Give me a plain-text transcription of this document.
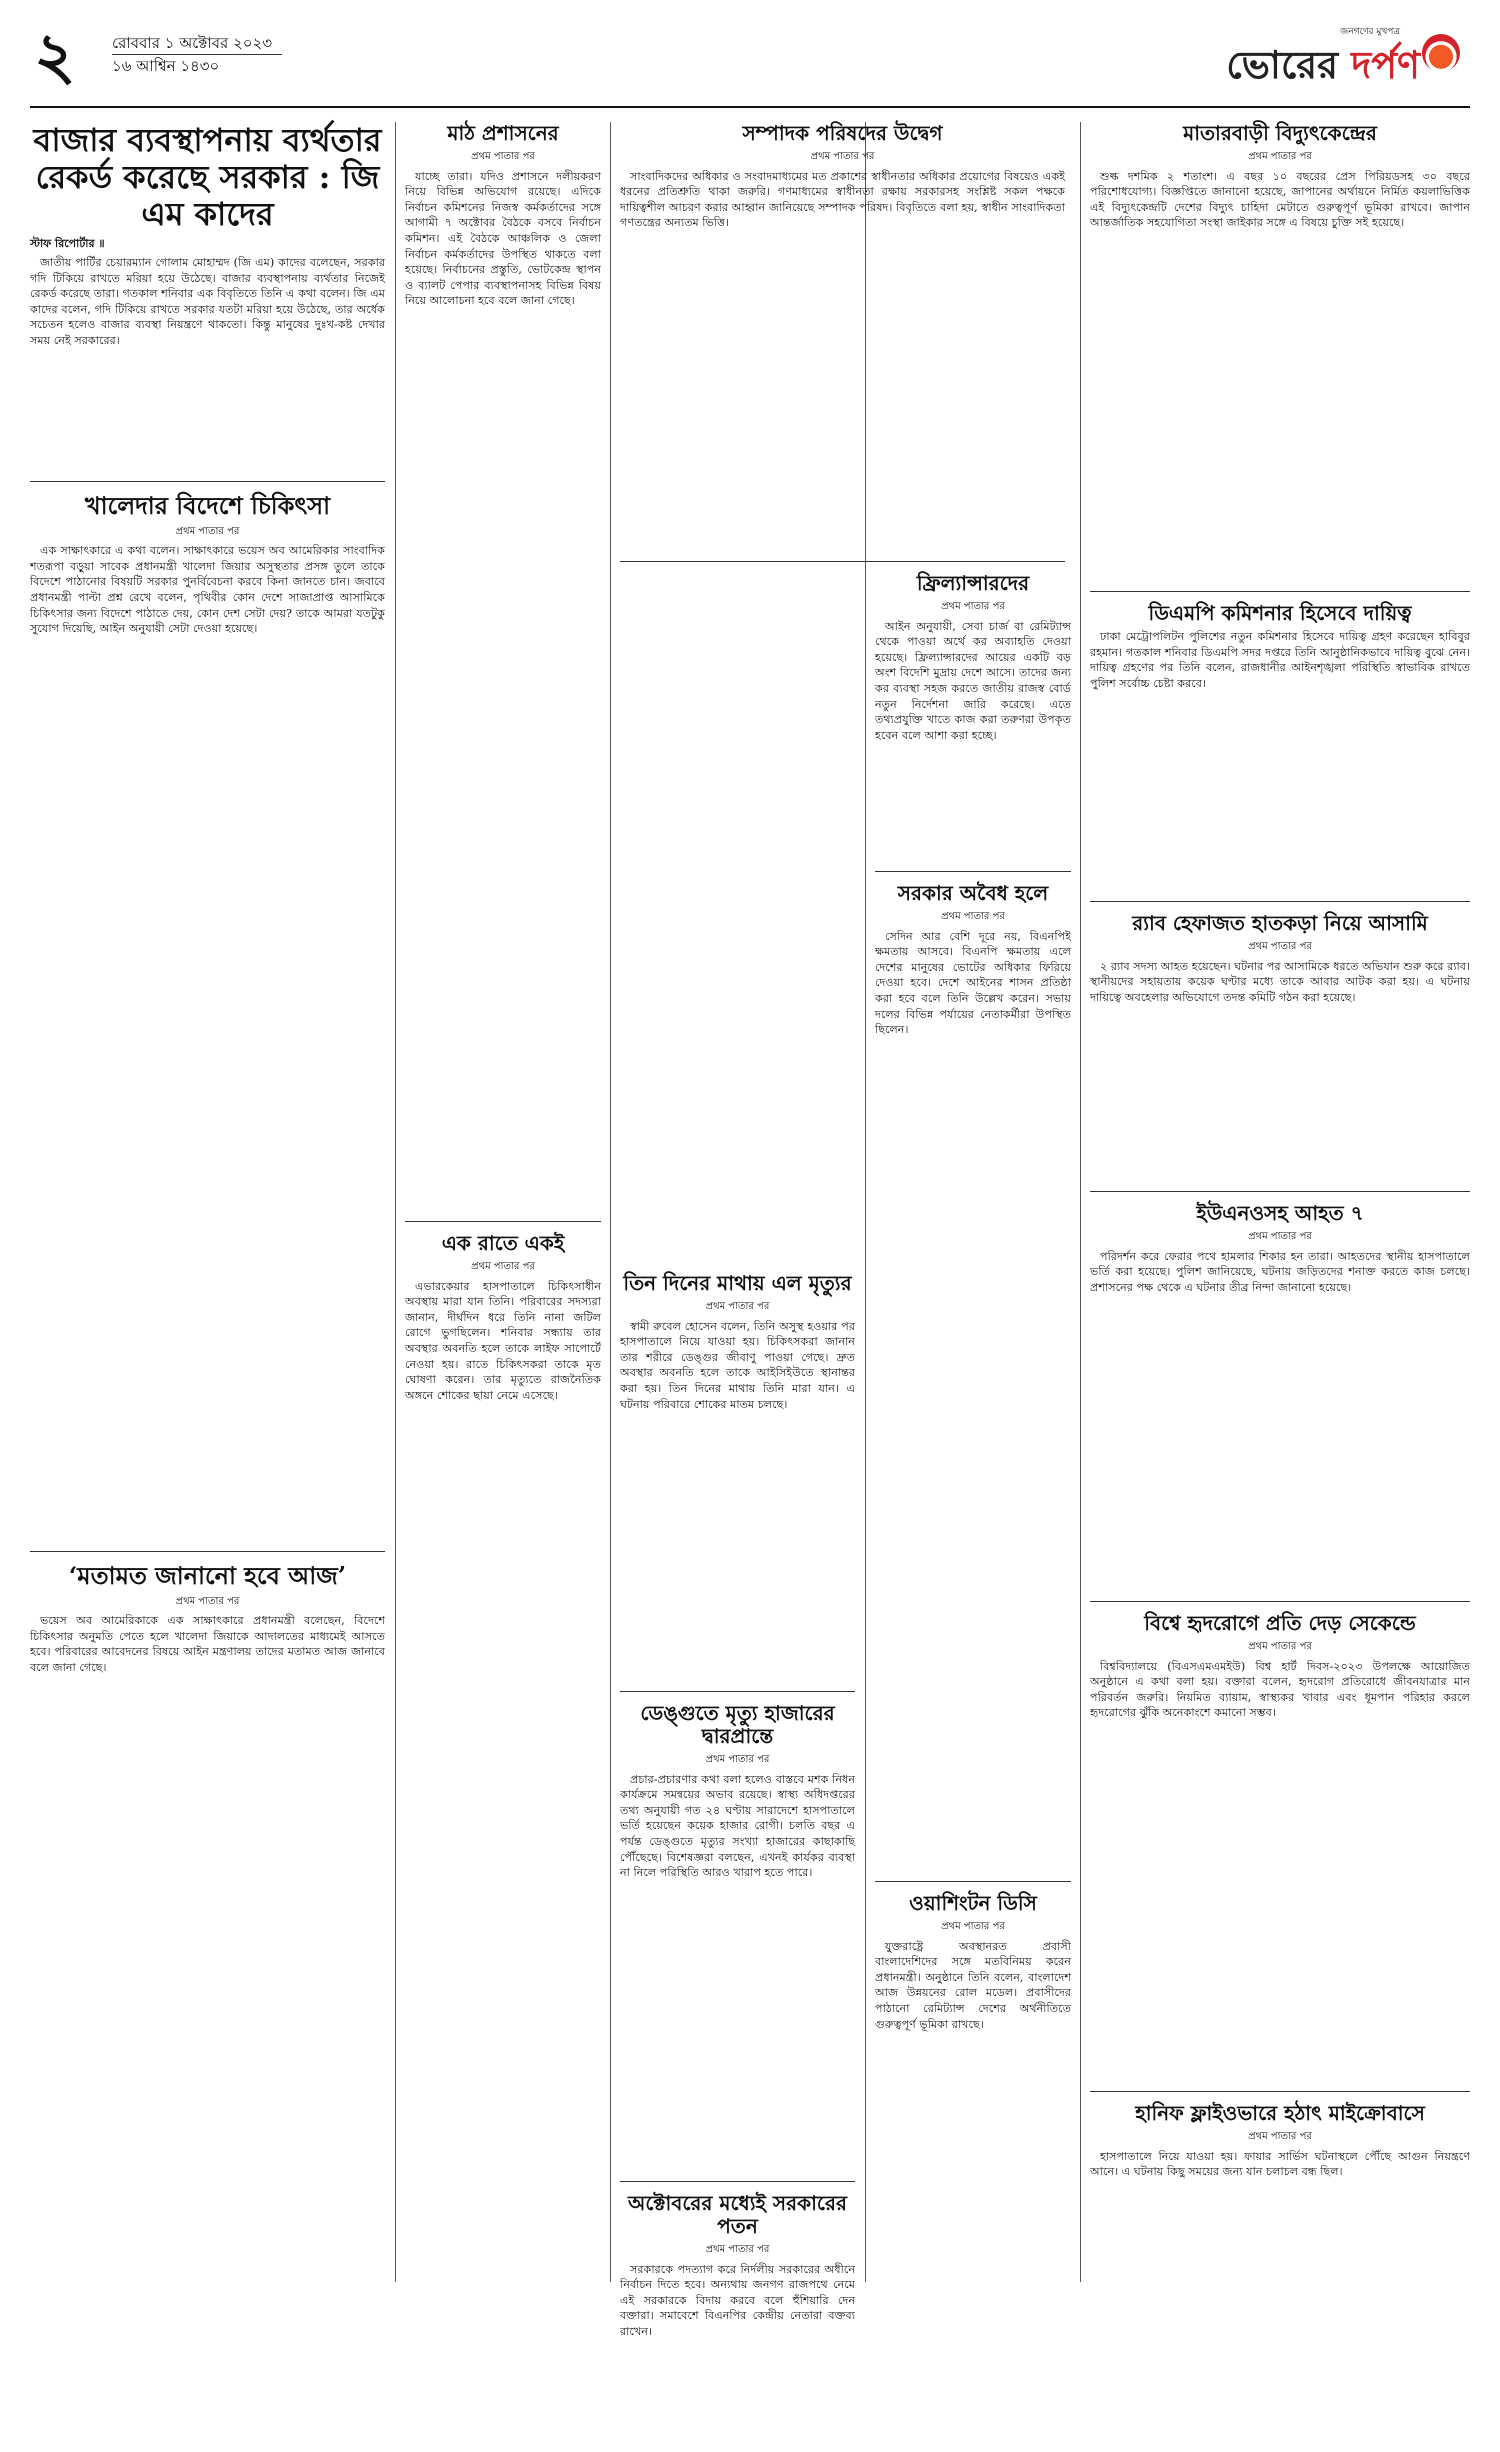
২ রোববার ১ অক্টোবর ২০২৩
১৬ আশ্বিন ১৪৩০
জনগণের মুখপত্র
ভোরের দর্পণ
বাজার ব্যবস্থাপনায় ব্যর্থতার রেকর্ড করেছে সরকার : জি এম কাদের
স্টাফ রিপোর্টার ॥

জাতীয় পার্টির চেয়ারম্যান গোলাম মোহাম্মদ (জি এম) কাদের বলেছেন, সরকার গদি টিকিয়ে রাখতে মরিয়া হয়ে উঠেছে। বাজার ব্যবস্থাপনায় ব্যর্থতার নিজেই রেকর্ড করেছে তারা। গতকাল শনিবার এক বিবৃতিতে তিনি এ কথা বলেন। জি এম কাদের বলেন, গদি টিকিয়ে রাখতে সরকার যতটা মরিয়া হয়ে উঠেছে, তার অর্ধেক সচেতন হলেও বাজার ব্যবস্থা নিয়ন্ত্রণে থাকতো। কিন্তু মানুষের দুঃখ-কষ্ট দেখার সময় নেই সরকারের।

খালেদার বিদেশে চিকিৎসা
প্রথম পাতার পর

এক সাক্ষাৎকারে এ কথা বলেন। সাক্ষাৎকারে ভয়েস অব আমেরিকার সাংবাদিক শতরূপা বড়ুয়া সাবেক প্রধানমন্ত্রী খালেদা জিয়ার অসুস্থতার প্রসঙ্গ তুলে তাকে বিদেশে পাঠানোর বিষয়টি সরকার পুনর্বিবেচনা করবে কিনা জানতে চান। জবাবে প্রধানমন্ত্রী পাল্টা প্রশ্ন রেখে বলেন, পৃথিবীর কোন দেশে সাজাপ্রাপ্ত আসামিকে চিকিৎসার জন্য বিদেশে পাঠাতে দেয়, কোন দেশ সেটা দেয়? তাকে আমরা যতটুকু সুযোগ দিয়েছি, আইন অনুযায়ী সেটা দেওয়া হয়েছে।

‘মতামত জানানো হবে আজ’
প্রথম পাতার পর

ভয়েস অব আমেরিকাকে এক সাক্ষাৎকারে প্রধানমন্ত্রী বলেছেন, বিদেশে চিকিৎসার অনুমতি পেতে হলে খালেদা জিয়াকে আদালতের মাধ্যমেই আসতে হবে। পরিবারের আবেদনের বিষয়ে আইন মন্ত্রণালয় তাদের মতামত আজ জানাবে বলে জানা গেছে।

মাঠ প্রশাসনের
প্রথম পাতার পর

যাচ্ছে তারা। যদিও প্রশাসনে দলীয়করণ নিয়ে বিভিন্ন অভিযোগ রয়েছে। এদিকে নির্বাচন কমিশনের নিজস্ব কর্মকর্তাদের সঙ্গে আগামী ৭ অক্টোবর বৈঠকে বসবে নির্বাচন কমিশন। এই বৈঠকে আঞ্চলিক ও জেলা নির্বাচন কর্মকর্তাদের উপস্থিত থাকতে বলা হয়েছে। নির্বাচনের প্রস্তুতি, ভোটকেন্দ্র স্থাপন ও ব্যালট পেপার ব্যবস্থাপনাসহ বিভিন্ন বিষয় নিয়ে আলোচনা হবে বলে জানা গেছে।

এক রাতে একই
প্রথম পাতার পর

এভারকেয়ার হাসপাতালে চিকিৎসাধীন অবস্থায় মারা যান তিনি। পরিবারের সদস্যরা জানান, দীর্ঘদিন ধরে তিনি নানা জটিল রোগে ভুগছিলেন। শনিবার সন্ধ্যায় তার অবস্থার অবনতি হলে তাকে লাইফ সাপোর্টে নেওয়া হয়। রাতে চিকিৎসকরা তাকে মৃত ঘোষণা করেন। তার মৃত্যুতে রাজনৈতিক অঙ্গনে শোকের ছায়া নেমে এসেছে।

সম্পাদক পরিষদের উদ্বেগ
প্রথম পাতার পর

সাংবাদিকদের অধিকার ও সংবাদমাধ্যমের মত প্রকাশের স্বাধীনতার অধিকার প্রয়োগের বিষয়েও একই ধরনের প্রতিশ্রুতি থাকা জরুরি। গণমাধ্যমের স্বাধীনতা রক্ষায় সরকারসহ সংশ্লিষ্ট সকল পক্ষকে দায়িত্বশীল আচরণ করার আহ্বান জানিয়েছে সম্পাদক পরিষদ। বিবৃতিতে বলা হয়, স্বাধীন সাংবাদিকতা গণতন্ত্রের অন্যতম ভিত্তি।

তিন দিনের মাথায় এল মৃত্যুর
প্রথম পাতার পর

স্বামী রুবেল হোসেন বলেন, তিনি অসুস্থ হওয়ার পর হাসপাতালে নিয়ে যাওয়া হয়। চিকিৎসকরা জানান তার শরীরে ডেঙ্গুর জীবাণু পাওয়া গেছে। দ্রুত অবস্থার অবনতি হলে তাকে আইসিইউতে স্থানান্তর করা হয়। তিন দিনের মাথায় তিনি মারা যান। এ ঘটনায় পরিবারে শোকের মাতম চলছে।

ডেঙ্গুতে মৃত্যু হাজারের দ্বারপ্রান্তে
প্রথম পাতার পর

প্রচার-প্রচারণার কথা বলা হলেও বাস্তবে মশক নিধন কার্যক্রমে সমন্বয়ের অভাব রয়েছে। স্বাস্থ্য অধিদপ্তরের তথ্য অনুযায়ী গত ২৪ ঘণ্টায় সারাদেশে হাসপাতালে ভর্তি হয়েছেন কয়েক হাজার রোগী। চলতি বছর এ পর্যন্ত ডেঙ্গুতে মৃত্যুর সংখ্যা হাজারের কাছাকাছি পৌঁছেছে। বিশেষজ্ঞরা বলছেন, এখনই কার্যকর ব্যবস্থা না নিলে পরিস্থিতি আরও খারাপ হতে পারে।

অক্টোবরের মধ্যেই সরকারের পতন
প্রথম পাতার পর

সরকারকে পদত্যাগ করে নির্দলীয় সরকারের অধীনে নির্বাচন দিতে হবে। অন্যথায় জনগণ রাজপথে নেমে এই সরকারকে বিদায় করবে বলে হুঁশিয়ারি দেন বক্তারা। সমাবেশে বিএনপির কেন্দ্রীয় নেতারা বক্তব্য রাখেন।

ফ্রিল্যান্সারদের
প্রথম পাতার পর

আইন অনুযায়ী, সেবা চার্জ বা রেমিট্যান্স থেকে পাওয়া অর্থে কর অব্যাহতি দেওয়া হয়েছে। ফ্রিল্যান্সারদের আয়ের একটি বড় অংশ বিদেশি মুদ্রায় দেশে আসে। তাদের জন্য কর ব্যবস্থা সহজ করতে জাতীয় রাজস্ব বোর্ড নতুন নির্দেশনা জারি করেছে। এতে তথ্যপ্রযুক্তি খাতে কাজ করা তরুণরা উপকৃত হবেন বলে আশা করা হচ্ছে।

সরকার অবৈধ হলে
প্রথম পাতার পর

সেদিন আর বেশি দূরে নয়, বিএনপিই ক্ষমতায় আসবে। বিএনপি ক্ষমতায় এলে দেশের মানুষের ভোটের অধিকার ফিরিয়ে দেওয়া হবে। দেশে আইনের শাসন প্রতিষ্ঠা করা হবে বলে তিনি উল্লেখ করেন। সভায় দলের বিভিন্ন পর্যায়ের নেতাকর্মীরা উপস্থিত ছিলেন।

ওয়াশিংটন ডিসি
প্রথম পাতার পর

যুক্তরাষ্ট্রে অবস্থানরত প্রবাসী বাংলাদেশিদের সঙ্গে মতবিনিময় করেন প্রধানমন্ত্রী। অনুষ্ঠানে তিনি বলেন, বাংলাদেশ আজ উন্নয়নের রোল মডেল। প্রবাসীদের পাঠানো রেমিট্যান্স দেশের অর্থনীতিতে গুরুত্বপূর্ণ ভূমিকা রাখছে।

মাতারবাড়ী বিদ্যুৎকেন্দ্রের
প্রথম পাতার পর

শুল্ক দশমিক ২ শতাংশ। এ বছর ১০ বছরের প্রেস পিরিয়ডসহ ৩০ বছরে পরিশোধযোগ্য। বিজ্ঞপ্তিতে জানানো হয়েছে, জাপানের অর্থায়নে নির্মিত কয়লাভিত্তিক এই বিদ্যুৎকেন্দ্রটি দেশের বিদ্যুৎ চাহিদা মেটাতে গুরুত্বপূর্ণ ভূমিকা রাখবে। জাপান আন্তর্জাতিক সহযোগিতা সংস্থা জাইকার সঙ্গে এ বিষয়ে চুক্তি সই হয়েছে।

ডিএমপি কমিশনার হিসেবে দায়িত্ব

ঢাকা মেট্রোপলিটন পুলিশের নতুন কমিশনার হিসেবে দায়িত্ব গ্রহণ করেছেন হাবিবুর রহমান। গতকাল শনিবার ডিএমপি সদর দপ্তরে তিনি আনুষ্ঠানিকভাবে দায়িত্ব বুঝে নেন। দায়িত্ব গ্রহণের পর তিনি বলেন, রাজধানীর আইনশৃঙ্খলা পরিস্থিতি স্বাভাবিক রাখতে পুলিশ সর্বোচ্চ চেষ্টা করবে।

র‍্যাব হেফাজত হাতকড়া নিয়ে আসামি
প্রথম পাতার পর

২ র‍্যাব সদস্য আহত হয়েছেন। ঘটনার পর আসামিকে ধরতে অভিযান শুরু করে র‍্যাব। স্থানীয়দের সহায়তায় কয়েক ঘণ্টার মধ্যে তাকে আবার আটক করা হয়। এ ঘটনায় দায়িত্বে অবহেলার অভিযোগে তদন্ত কমিটি গঠন করা হয়েছে।

ইউএনওসহ আহত ৭
প্রথম পাতার পর

পরিদর্শন করে ফেরার পথে হামলার শিকার হন তারা। আহতদের স্থানীয় হাসপাতালে ভর্তি করা হয়েছে। পুলিশ জানিয়েছে, ঘটনায় জড়িতদের শনাক্ত করতে কাজ চলছে। প্রশাসনের পক্ষ থেকে এ ঘটনার তীব্র নিন্দা জানানো হয়েছে।

বিশ্বে হৃদরোগে প্রতি দেড় সেকেন্ডে
প্রথম পাতার পর

বিশ্ববিদ্যালয়ে (বিএসএমএমইউ) বিশ্ব হার্ট দিবস-২০২৩ উপলক্ষে আয়োজিত অনুষ্ঠানে এ কথা বলা হয়। বক্তারা বলেন, হৃদরোগ প্রতিরোধে জীবনযাত্রার মান পরিবর্তন জরুরি। নিয়মিত ব্যায়াম, স্বাস্থ্যকর খাবার এবং ধূমপান পরিহার করলে হৃদরোগের ঝুঁকি অনেকাংশে কমানো সম্ভব।

হানিফ ফ্লাইওভারে হঠাৎ মাইক্রোবাসে
প্রথম পাতার পর

হাসপাতালে নিয়ে যাওয়া হয়। ফায়ার সার্ভিস ঘটনাস্থলে পৌঁছে আগুন নিয়ন্ত্রণে আনে। এ ঘটনায় কিছু সময়ের জন্য যান চলাচল বন্ধ ছিল।
